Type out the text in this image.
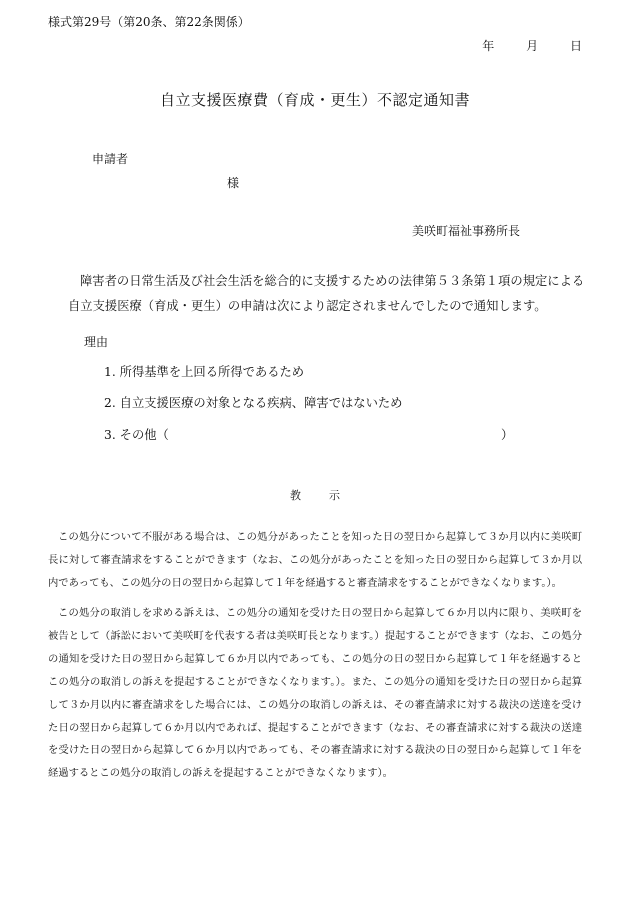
様式第29号（第20条、第22条関係）

年	月	日

自立支援医療費（育成・更生）不認定通知書

申請者

様

美咲町福祉事務所長

障害者の日常生活及び社会生活を総合的に支援するための法律第５３条第１項の規定による

自立支援医療（育成・更生）の申請は次により認定されませんでしたので通知します。

理由

1. 所得基準を上回る所得であるため

2. 自立支援医療の対象となる疾病、障害ではないため

3. その他（	）

教示

この処分について不服がある場合は、この処分があったことを知った日の翌日から起算して３か月以内に美咲町長に対して審査請求をすることができます（なお、この処分があったことを知った日の翌日から起算して３か月以内であっても、この処分の日の翌日から起算して１年を経過すると審査請求をすることができなくなります。）。

この処分の取消しを求める訴えは、この処分の通知を受けた日の翌日から起算して６か月以内に限り、美咲町を被告として（訴訟において美咲町を代表する者は美咲町長となります。）提起することができます（なお、この処分の通知を受けた日の翌日から起算して６か月以内であっても、この処分の日の翌日から起算して１年を経過するとこの処分の取消しの訴えを提起することができなくなります。）。また、この処分の通知を受けた日の翌日から起算して３か月以内に審査請求をした場合には、この処分の取消しの訴えは、その審査請求に対する裁決の送達を受けた日の翌日から起算して６か月以内であれば、提起することができます（なお、その審査請求に対する裁決の送達を受けた日の翌日から起算して６か月以内であっても、その審査請求に対する裁決の日の翌日から起算して１年を経過するとこの処分の取消しの訴えを提起することができなくなります）。
